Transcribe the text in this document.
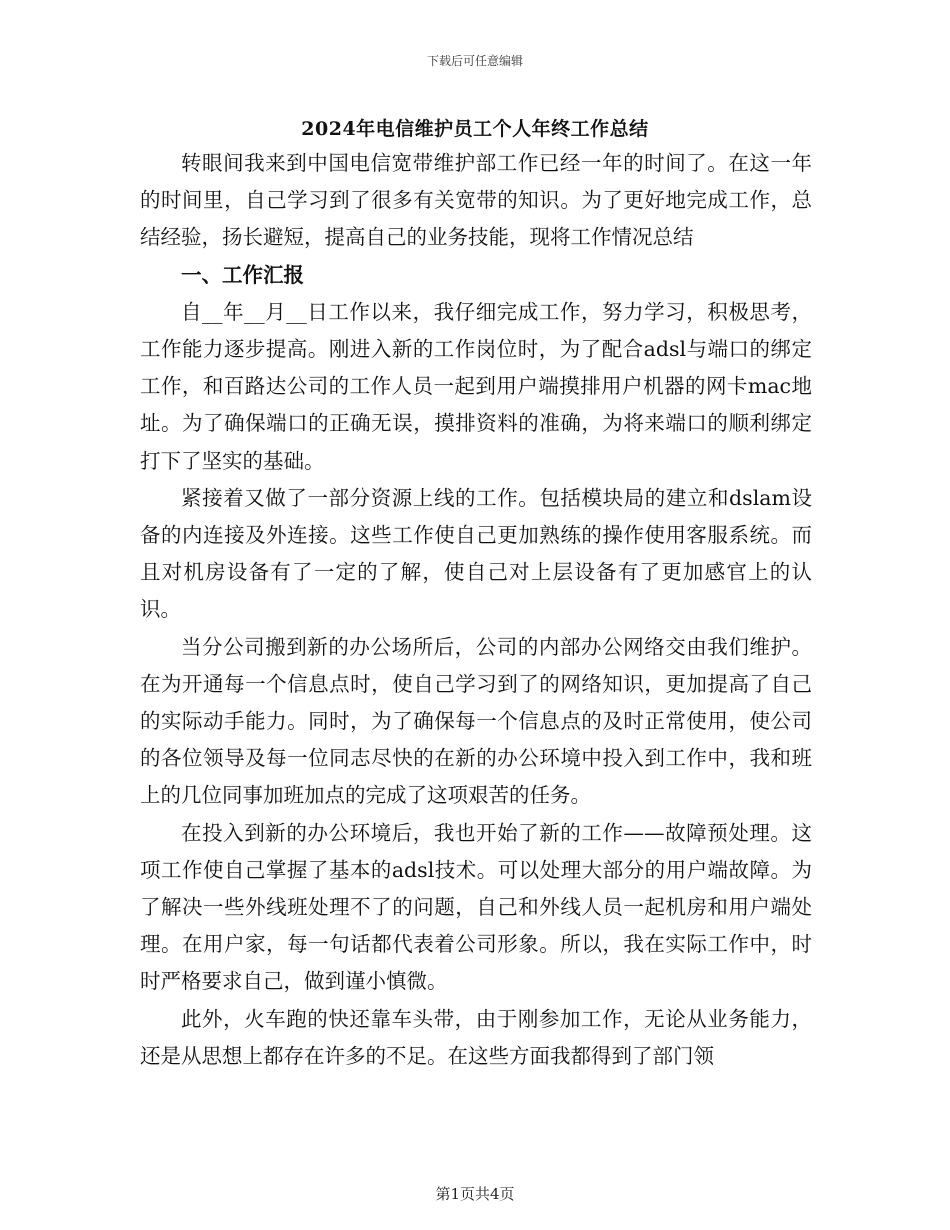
下载后可任意编辑
2024年电信维护员工个人年终工作总结

转眼间我来到中国电信宽带维护部工作已经一年的时间了。在这一年的时间里，自己学习到了很多有关宽带的知识。为了更好地完成工作，总结经验，扬长避短，提高自己的业务技能，现将工作情况总结

一、工作汇报

自__年__月__日工作以来，我仔细完成工作，努力学习，积极思考，工作能力逐步提高。刚进入新的工作岗位时，为了配合adsl与端口的绑定工作，和百路达公司的工作人员一起到用户端摸排用户机器的网卡mac地址。为了确保端口的正确无误，摸排资料的准确，为将来端口的顺利绑定打下了坚实的基础。

紧接着又做了一部分资源上线的工作。包括模块局的建立和dslam设备的内连接及外连接。这些工作使自己更加熟练的操作使用客服系统。而且对机房设备有了一定的了解，使自己对上层设备有了更加感官上的认识。

当分公司搬到新的办公场所后，公司的内部办公网络交由我们维护。在为开通每一个信息点时，使自己学习到了的网络知识，更加提高了自己的实际动手能力。同时，为了确保每一个信息点的及时正常使用，使公司的各位领导及每一位同志尽快的在新的办公环境中投入到工作中，我和班上的几位同事加班加点的完成了这项艰苦的任务。

在投入到新的办公环境后，我也开始了新的工作——故障预处理。这项工作使自己掌握了基本的adsl技术。可以处理大部分的用户端故障。为了解决一些外线班处理不了的问题，自己和外线人员一起机房和用户端处理。在用户家，每一句话都代表着公司形象。所以，我在实际工作中，时时严格要求自己，做到谨小慎微。

此外，火车跑的快还靠车头带，由于刚参加工作，无论从业务能力，还是从思想上都存在许多的不足。在这些方面我都得到了部门领

第1页共4页
